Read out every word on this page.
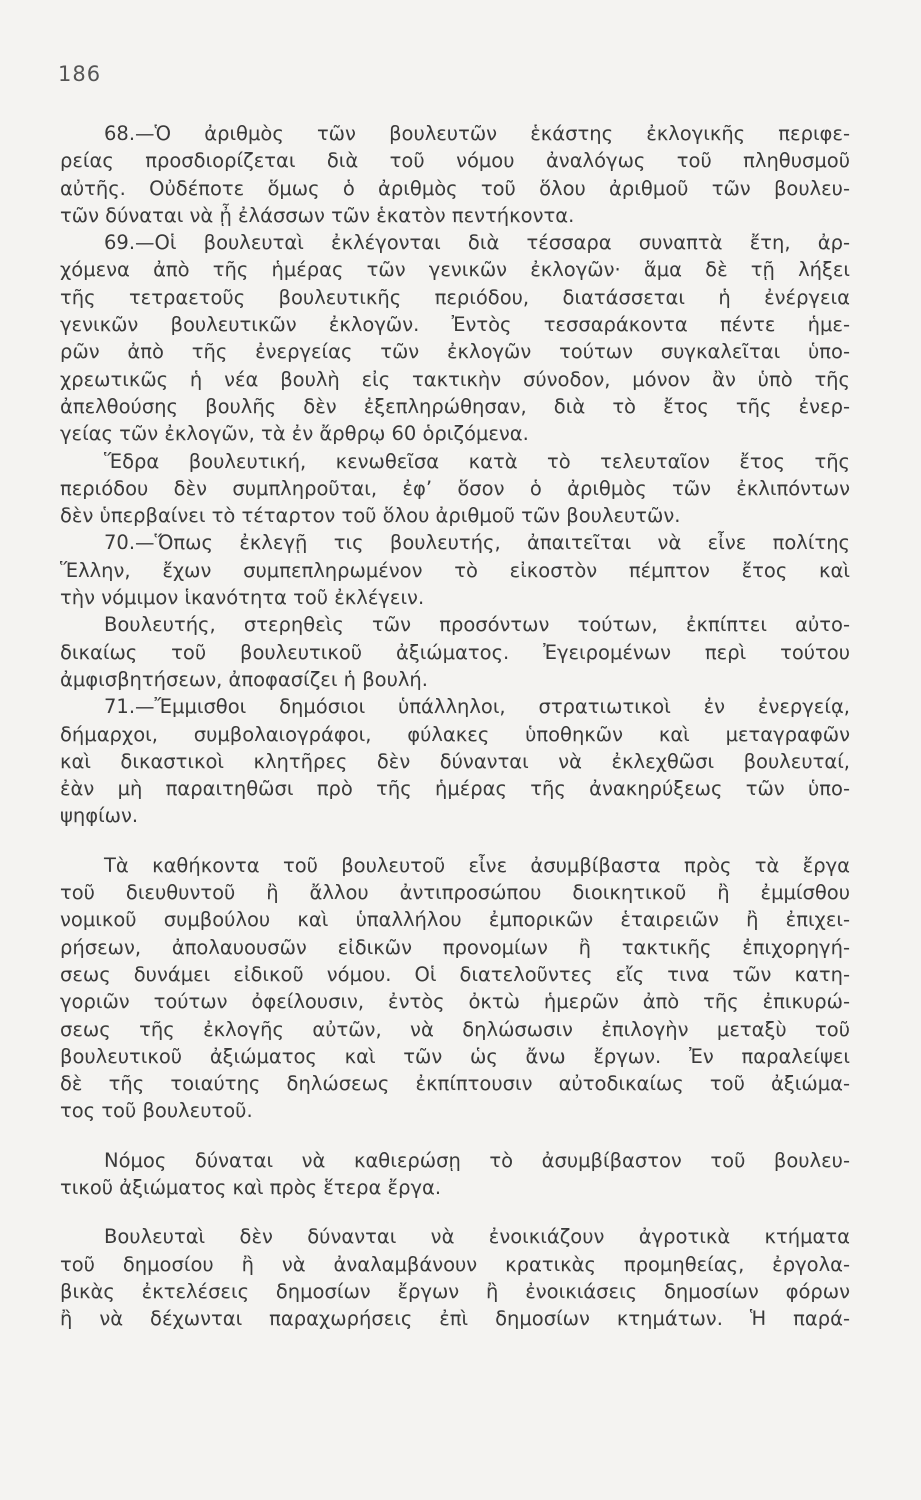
186
68.—Ὁ ἀριθμὸς τῶν βουλευτῶν ἑκάστης ἐκλογικῆς περιφε-
ρείας προσδιορίζεται διὰ τοῦ νόμου ἀναλόγως τοῦ πληθυσμοῦ
αὐτῆς. Οὐδέποτε ὅμως ὁ ἀριθμὸς τοῦ ὅλου ἀριθμοῦ τῶν βουλευ-
τῶν δύναται νὰ ᾖ ἐλάσσων τῶν ἑκατὸν πεντήκοντα.
69.—Οἱ βουλευταὶ ἐκλέγονται διὰ τέσσαρα συναπτὰ ἔτη, ἀρ-
χόμενα ἀπὸ τῆς ἡμέρας τῶν γενικῶν ἐκλογῶν· ἅμα δὲ τῇ λήξει
τῆς τετραετοῦς βουλευτικῆς περιόδου, διατάσσεται ἡ ἐνέργεια
γενικῶν βουλευτικῶν ἐκλογῶν. Ἐντὸς τεσσαράκοντα πέντε ἡμε-
ρῶν ἀπὸ τῆς ἐνεργείας τῶν ἐκλογῶν τούτων συγκαλεῖται ὑπο-
χρεωτικῶς ἡ νέα βουλὴ εἰς τακτικὴν σύνοδον, μόνον ἂν ὑπὸ τῆς
ἀπελθούσης βουλῆς δὲν ἐξεπληρώθησαν, διὰ τὸ ἔτος τῆς ἐνερ-
γείας τῶν ἐκλογῶν, τὰ ἐν ἄρθρῳ 60 ὁριζόμενα.
Ἕδρα βουλευτική, κενωθεῖσα κατὰ τὸ τελευταῖον ἔτος τῆς
περιόδου δὲν συμπληροῦται, ἐφ’ ὅσον ὁ ἀριθμὸς τῶν ἐκλιπόντων
δὲν ὑπερβαίνει τὸ τέταρτον τοῦ ὅλου ἀριθμοῦ τῶν βουλευτῶν.
70.—Ὅπως ἐκλεγῇ τις βουλευτής, ἀπαιτεῖται νὰ εἶνε πολίτης
Ἕλλην, ἔχων συμπεπληρωμένον τὸ εἰκοστὸν πέμπτον ἔτος καὶ
τὴν νόμιμον ἱκανότητα τοῦ ἐκλέγειν.
Βουλευτής, στερηθεὶς τῶν προσόντων τούτων, ἐκπίπτει αὐτο-
δικαίως τοῦ βουλευτικοῦ ἀξιώματος. Ἐγειρομένων περὶ τούτου
ἀμφισβητήσεων, ἀποφασίζει ἡ βουλή.
71.—Ἔμμισθοι δημόσιοι ὑπάλληλοι, στρατιωτικοὶ ἐν ἐνεργείᾳ,
δήμαρχοι, συμβολαιογράφοι, φύλακες ὑποθηκῶν καὶ μεταγραφῶν
καὶ δικαστικοὶ κλητῆρες δὲν δύνανται νὰ ἐκλεχθῶσι βουλευταί,
ἐὰν μὴ παραιτηθῶσι πρὸ τῆς ἡμέρας τῆς ἀνακηρύξεως τῶν ὑπο-
ψηφίων.
Τὰ καθήκοντα τοῦ βουλευτοῦ εἶνε ἀσυμβίβαστα πρὸς τὰ ἔργα
τοῦ διευθυντοῦ ἢ ἄλλου ἀντιπροσώπου διοικητικοῦ ἢ ἐμμίσθου
νομικοῦ συμβούλου καὶ ὑπαλλήλου ἐμπορικῶν ἑταιρειῶν ἢ ἐπιχει-
ρήσεων, ἀπολαυουσῶν εἰδικῶν προνομίων ἢ τακτικῆς ἐπιχορηγή-
σεως δυνάμει εἰδικοῦ νόμου. Οἱ διατελοῦντες εἴς τινα τῶν κατη-
γοριῶν τούτων ὀφείλουσιν, ἐντὸς ὀκτὼ ἡμερῶν ἀπὸ τῆς ἐπικυρώ-
σεως τῆς ἐκλογῆς αὐτῶν, νὰ δηλώσωσιν ἐπιλογὴν μεταξὺ τοῦ
βουλευτικοῦ ἀξιώματος καὶ τῶν ὡς ἄνω ἔργων. Ἐν παραλείψει
δὲ τῆς τοιαύτης δηλώσεως ἐκπίπτουσιν αὐτοδικαίως τοῦ ἀξιώμα-
τος τοῦ βουλευτοῦ.
Νόμος δύναται νὰ καθιερώσῃ τὸ ἀσυμβίβαστον τοῦ βουλευ-
τικοῦ ἀξιώματος καὶ πρὸς ἕτερα ἔργα.
Βουλευταὶ δὲν δύνανται νὰ ἐνοικιάζουν ἀγροτικὰ κτήματα
τοῦ δημοσίου ἢ νὰ ἀναλαμβάνουν κρατικὰς προμηθείας, ἐργολα-
βικὰς ἐκτελέσεις δημοσίων ἔργων ἢ ἐνοικιάσεις δημοσίων φόρων
ἢ νὰ δέχωνται παραχωρήσεις ἐπὶ δημοσίων κτημάτων. Ἡ παρά-
